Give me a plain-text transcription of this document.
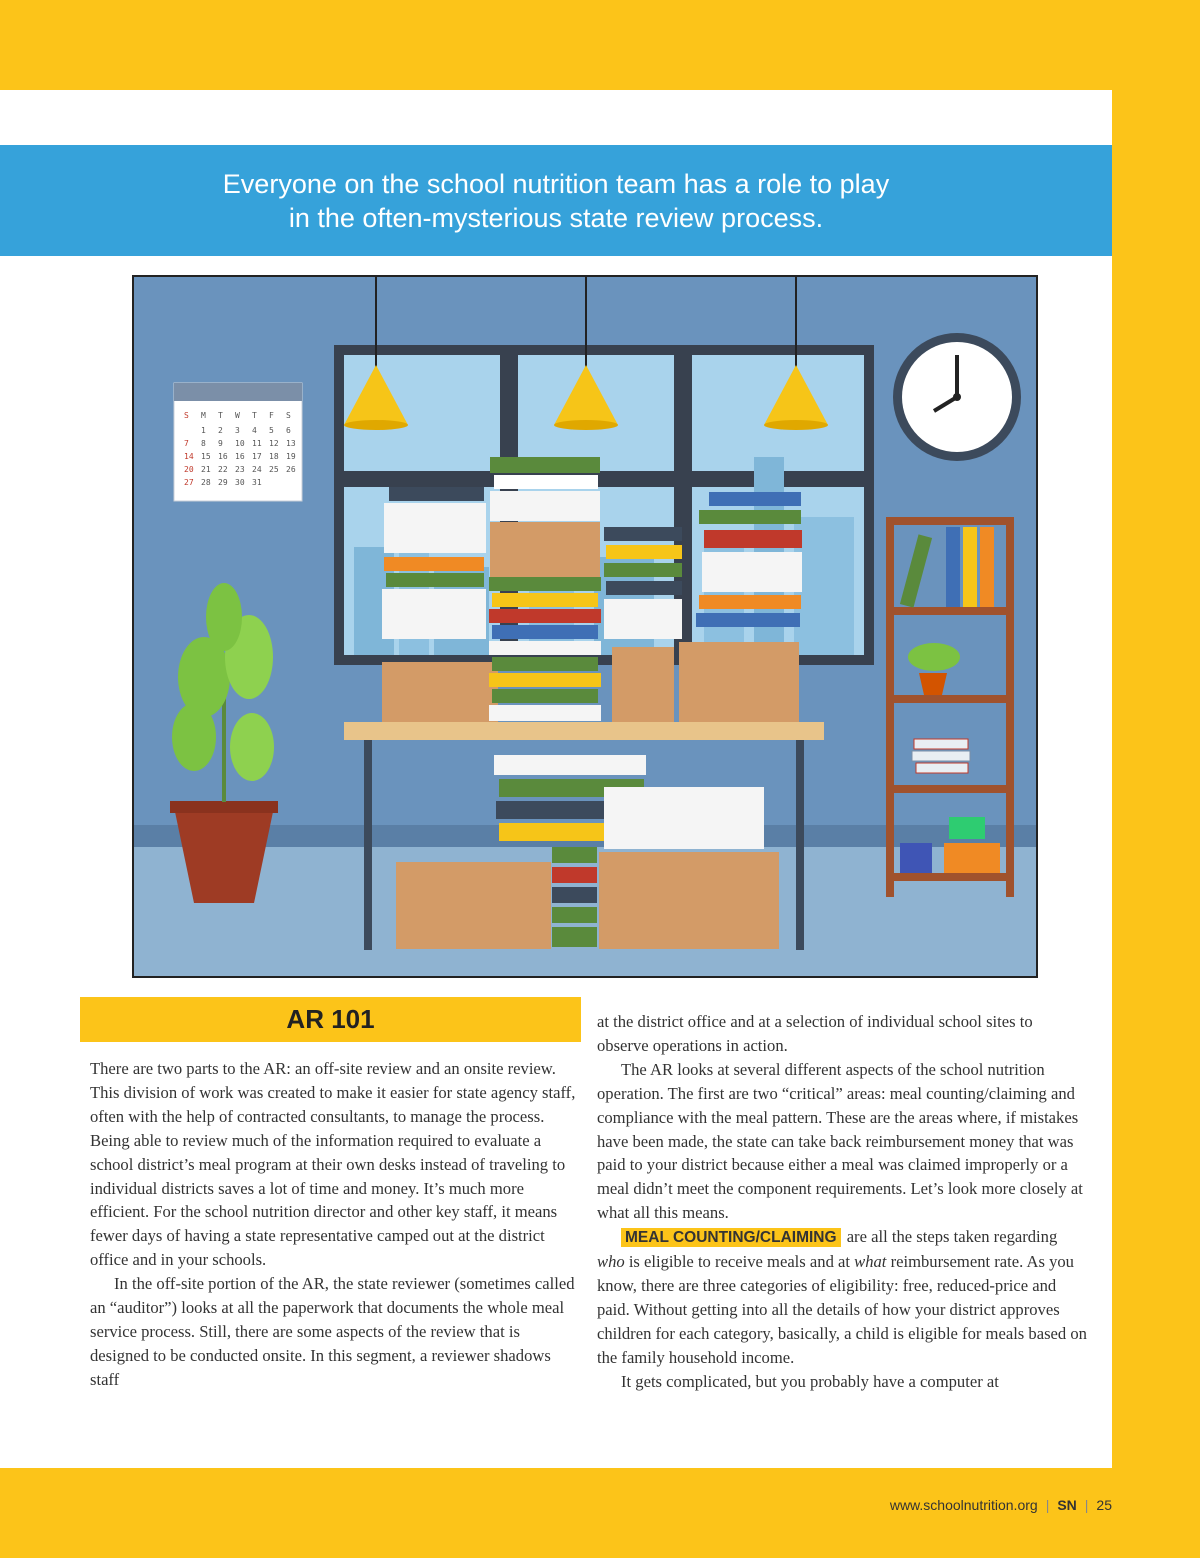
Everyone on the school nutrition team has a role to play
in the often-mysterious state review process.
S M T W T F S
1 2 3 4 5 6
7 8 9 10 11 12 13
14 15 16 16 17 18 19
20 21 22 23 24 25 26
27 28 29 30 31
AR 101

There are two parts to the AR: an off-site review and an onsite review. This division of work was created to make it easier for state agency staff, often with the help of contracted consultants, to manage the process. Being able to review much of the information required to evaluate a school district’s meal program at their own desks instead of traveling to individual districts saves a lot of time and money. It’s much more efficient. For the school nutrition director and other key staff, it means fewer days of having a state representative camped out at the district office and in your schools.

In the off-site portion of the AR, the state reviewer (sometimes called an “auditor”) looks at all the paperwork that documents the whole meal service process. Still, there are some aspects of the review that is designed to be conducted onsite. In this segment, a reviewer shadows staff

at the district office and at a selection of individual school sites to observe operations in action.

The AR looks at several different aspects of the school nutrition operation. The first are two “critical” areas: meal counting/claiming and compliance with the meal pattern. These are the areas where, if mistakes have been made, the state can take back reimbursement money that was paid to your district because either a meal was claimed improperly or a meal didn’t meet the component requirements. Let’s look more closely at what all this means.

MEAL COUNTING/CLAIMING are all the steps taken regarding who is eligible to receive meals and at what reimbursement rate. As you know, there are three categories of eligibility: free, reduced-price and paid. Without getting into all the details of how your district approves children for each category, basically, a child is eligible for meals based on the family household income.

It gets complicated, but you probably have a computer at

www.schoolnutrition.org | SN | 25
